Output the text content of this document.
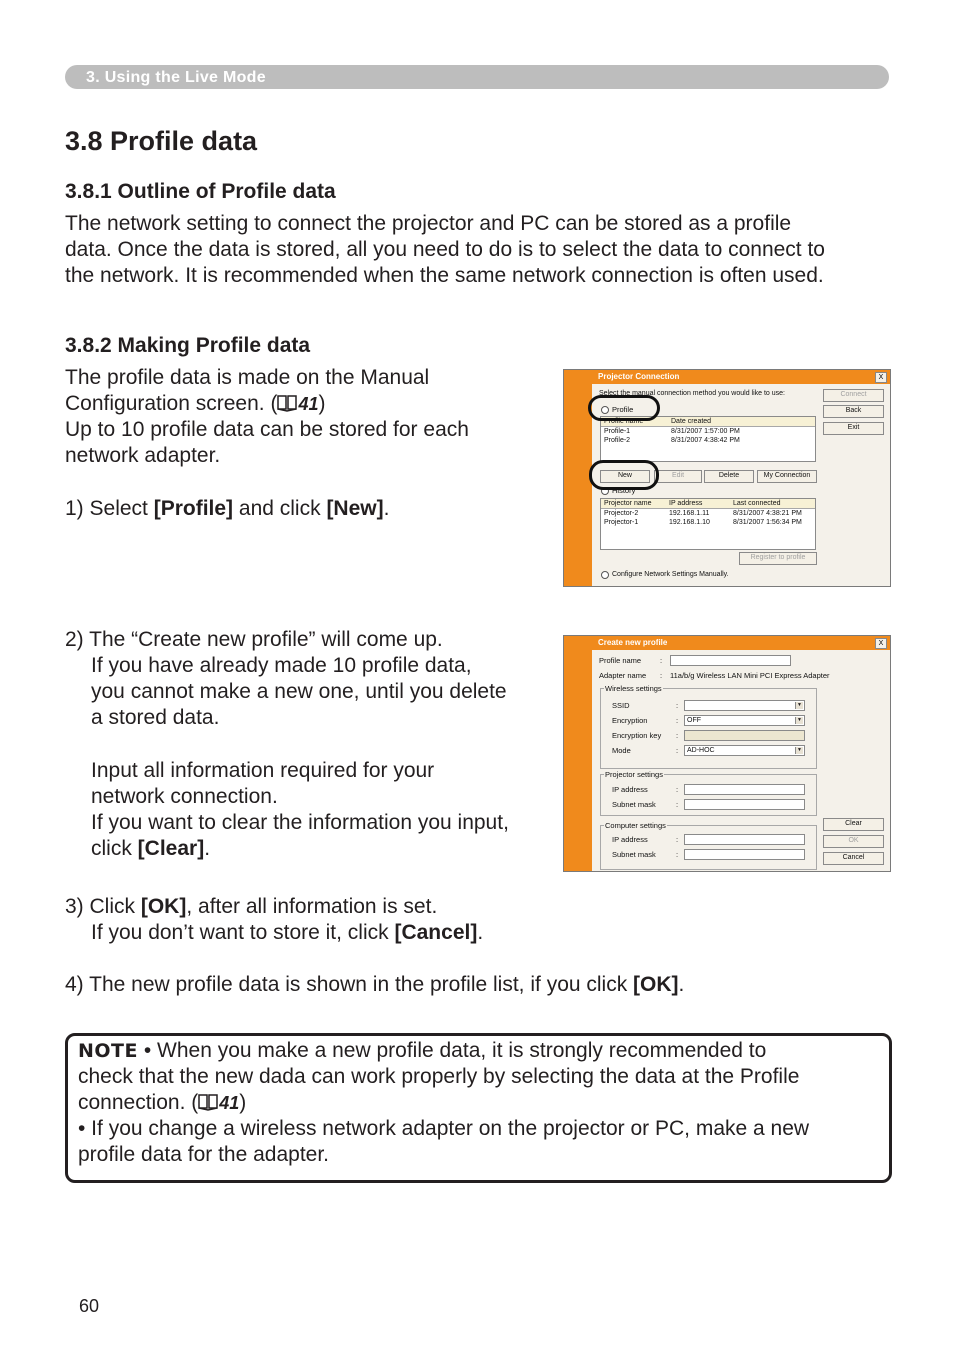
3. Using the Live Mode
3.8 Profile data
3.8.1 Outline of Profile data
The network setting to connect the projector and PC can be stored as a profile
data. Once the data is stored, all you need to do is to select the data to connect to
the network. It is recommended when the same network connection is often used.
3.8.2 Making Profile data
The profile data is made on the Manual
Configuration screen. ( 41)
Up to 10 profile data can be stored for each
network adapter.
1) Select [Profile] and click [New].
2) The “Create new profile” will come up.
If you have already made 10 profile data,
you cannot make a new one, until you delete
a stored data.
Input all information required for your
network connection.
If you want to clear the information you input,
click [Clear].
3) Click [OK], after all information is set.
If you don’t want to store it, click [Cancel].
4) The new profile data is shown in the profile list, if you click [OK].
Projector Connection	X
Select the manual connection method you would like to use:
Profile
Profile name	Date created
Profile-1	8/31/2007 1:57:00 PM
Profile-2	8/31/2007 4:38:42 PM
New	Edit	Delete	My Connection
History
Projector name	IP address	Last connected
Projector-2	192.168.1.11	8/31/2007 4:38:21 PM
Projector-1	192.168.1.10	8/31/2007 1:56:34 PM
Register to profile
Configure Network Settings Manually.
Connect
Back
Exit
Create new profile	X
Profile name	:
Adapter name : 11a/b/g Wireless LAN Mini PCI Express Adapter
Wireless settings
SSID	:	▼
Encryption	: OFF	▼
Encryption key :
Mode	: AD-HOC	▼
Projector settings
IP address	:
Subnet mask	:
Computer settings
IP address	:
Subnet mask	:
Clear
OK
Cancel
NOTE • When you make a new profile data, it is strongly recommended to
check that the new dada can work properly by selecting the data at the Profile
connection. ( 41)
• If you change a wireless network adapter on the projector or PC, make a new
profile data for the adapter.
60
